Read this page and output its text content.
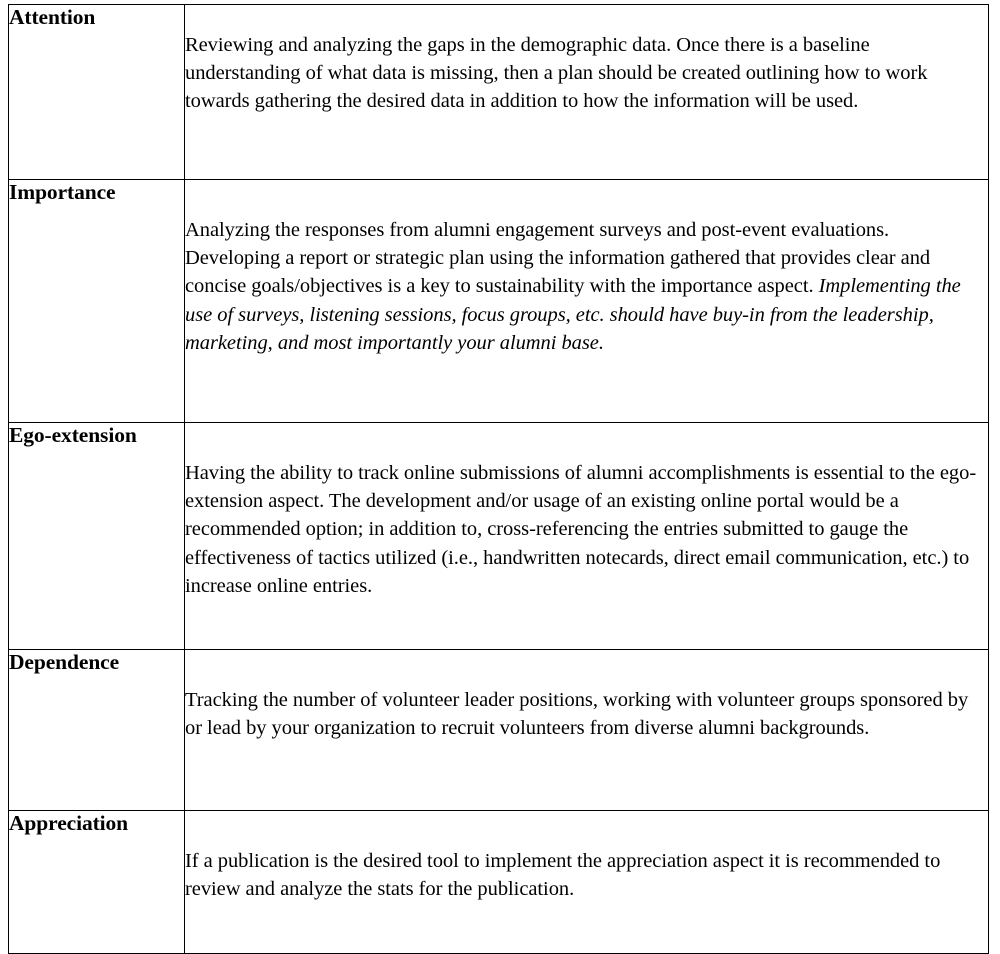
Attention	Reviewing and analyzing the gaps in the demographic data. Once there is a baseline understanding of what data is missing, then a plan should be created outlining how to work towards gathering the desired data in addition to how the information will be used.

Importance	Analyzing the responses from alumni engagement surveys and post-event evaluations. Developing a report or strategic plan using the information gathered that provides clear and concise goals/objectives is a key to sustainability with the importance aspect. Implementing the use of surveys, listening sessions, focus groups, etc. should have buy-in from the leadership, marketing, and most importantly your alumni base.

Ego-extension	Having the ability to track online submissions of alumni accomplishments is essential to the ego-extension aspect. The development and/or usage of an existing online portal would be a recommended option; in addition to, cross-referencing the entries submitted to gauge the effectiveness of tactics utilized (i.e., handwritten notecards, direct email communication, etc.) to increase online entries.

Dependence	Tracking the number of volunteer leader positions, working with volunteer groups sponsored by or lead by your organization to recruit volunteers from diverse alumni backgrounds.

Appreciation	If a publication is the desired tool to implement the appreciation aspect it is recommended to review and analyze the stats for the publication.
